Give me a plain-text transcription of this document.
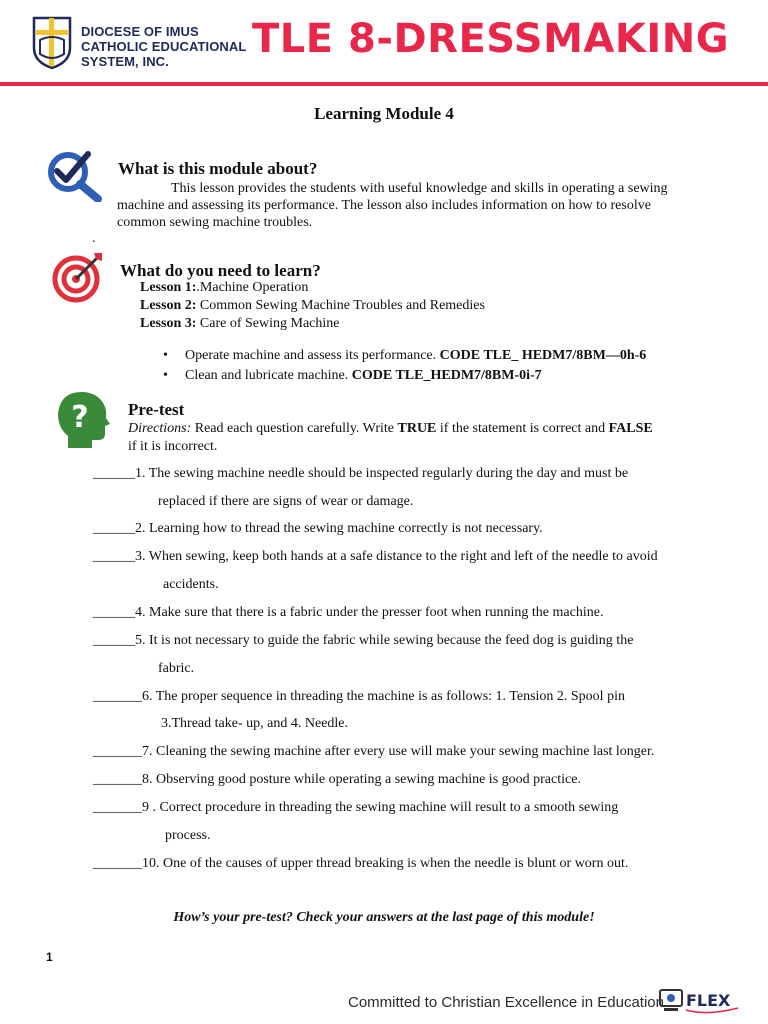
DIOCESE OF IMUS
CATHOLIC EDUCATIONAL
SYSTEM, INC. TLE 8-DRESSMAKING
Learning Module 4
What is this module about?
This lesson provides the students with useful knowledge and skills in operating a sewing
machine and assessing its performance. The lesson also includes information on how to resolve
common sewing machine troubles.
.
What do you need to learn?
Lesson 1:.Machine Operation
Lesson 2: Common Sewing Machine Troubles and Remedies
Lesson 3: Care of Sewing Machine
• Operate machine and assess its performance. CODE TLE_ HEDM7/8BM—0h-6
• Clean and lubricate machine. CODE TLE_HEDM7/8BM-0i-7
? Pre-test
Directions: Read each question carefully. Write TRUE if the statement is correct and FALSE
if it is incorrect.
______1. The sewing machine needle should be inspected regularly during the day and must be
replaced if there are signs of wear or damage.
______2. Learning how to thread the sewing machine correctly is not necessary.
______3. When sewing, keep both hands at a safe distance to the right and left of the needle to avoid
accidents.
______4. Make sure that there is a fabric under the presser foot when running the machine.
______5. It is not necessary to guide the fabric while sewing because the feed dog is guiding the
fabric.
_______6. The proper sequence in threading the machine is as follows: 1. Tension 2. Spool pin
3.Thread take- up, and 4. Needle.
_______7. Cleaning the sewing machine after every use will make your sewing machine last longer.
_______8. Observing good posture while operating a sewing machine is good practice.
_______9 . Correct procedure in threading the sewing machine will result to a smooth sewing
process.
_______10. One of the causes of upper thread breaking is when the needle is blunt or worn out.
How’s your pre-test? Check your answers at the last page of this module!
1
Committed to Christian Excellence in Education FLEX
